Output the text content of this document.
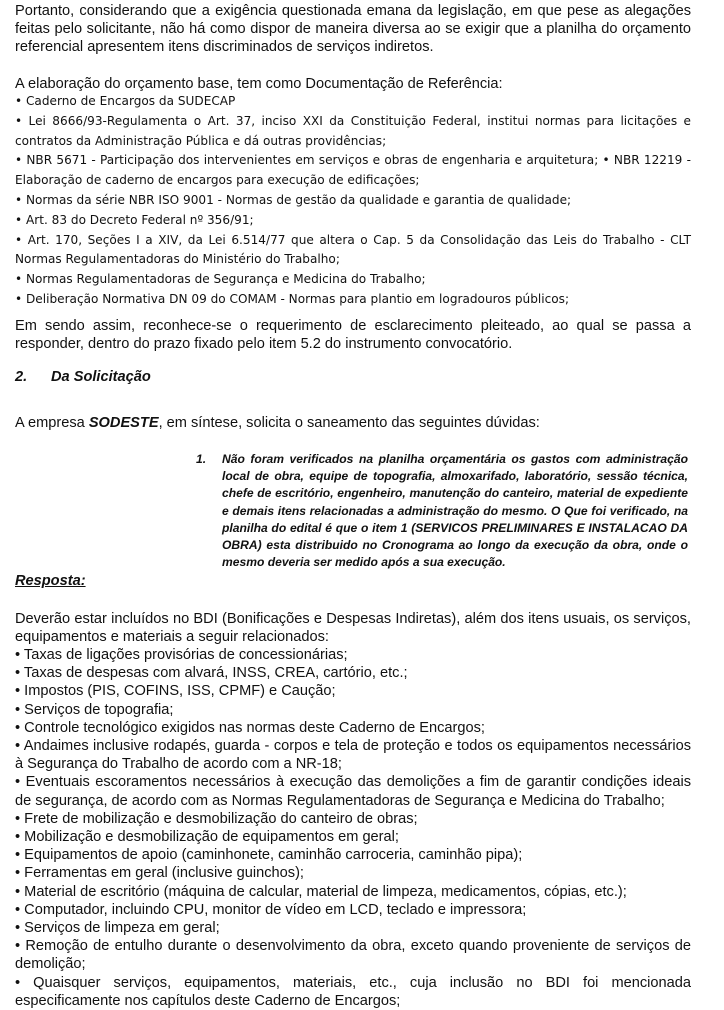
Portanto, considerando que a exigência questionada emana da legislação, em que pese as alegações feitas pelo solicitante, não há como dispor de maneira diversa ao se exigir que a planilha do orçamento referencial apresentem itens discriminados de serviços indiretos.

A elaboração do orçamento base, tem como Documentação de Referência:

• Caderno de Encargos da SUDECAP
• Lei 8666/93-Regulamenta o Art. 37, inciso XXI da Constituição Federal, institui normas para licitações e contratos da Administração Pública e dá outras providências;
• NBR 5671 - Participação dos intervenientes em serviços e obras de engenharia e arquitetura; • NBR 12219 - Elaboração de caderno de encargos para execução de edificações;
• Normas da série NBR ISO 9001 - Normas de gestão da qualidade e garantia de qualidade;
• Art. 83 do Decreto Federal nº 356/91;
• Art. 170, Seções I a XIV, da Lei 6.514/77 que altera o Cap. 5 da Consolidação das Leis do Trabalho - CLT Normas Regulamentadoras do Ministério do Trabalho;
• Normas Regulamentadoras de Segurança e Medicina do Trabalho;
• Deliberação Normativa DN 09 do COMAM - Normas para plantio em logradouros públicos;

Em sendo assim, reconhece-se o requerimento de esclarecimento pleiteado, ao qual se passa a responder, dentro do prazo fixado pelo item 5.2 do instrumento convocatório.

2. Da Solicitação

A empresa SODESTE, em síntese, solicita o saneamento das seguintes dúvidas:

1. Não foram verificados na planilha orçamentária os gastos com administração local de obra, equipe de topografia, almoxarifado, laboratório, sessão técnica, chefe de escritório, engenheiro, manutenção do canteiro, material de expediente e demais itens relacionadas a administração do mesmo. O Que foi verificado, na planilha do edital é que o item 1 (SERVICOS PRELIMINARES E INSTALACAO DA OBRA) esta distribuido no Cronograma ao longo da execução da obra, onde o mesmo deveria ser medido após a sua execução.
Resposta:

Deverão estar incluídos no BDI (Bonificações e Despesas Indiretas), além dos itens usuais, os serviços, equipamentos e materiais a seguir relacionados:

• Taxas de ligações provisórias de concessionárias;
• Taxas de despesas com alvará, INSS, CREA, cartório, etc.;
• Impostos (PIS, COFINS, ISS, CPMF) e Caução;
• Serviços de topografia;
• Controle tecnológico exigidos nas normas deste Caderno de Encargos;
• Andaimes inclusive rodapés, guarda - corpos e tela de proteção e todos os equipamentos necessários à Segurança do Trabalho de acordo com a NR-18;
• Eventuais escoramentos necessários à execução das demolições a fim de garantir condições ideais de segurança, de acordo com as Normas Regulamentadoras de Segurança e Medicina do Trabalho;
• Frete de mobilização e desmobilização do canteiro de obras;
• Mobilização e desmobilização de equipamentos em geral;
• Equipamentos de apoio (caminhonete, caminhão carroceria, caminhão pipa);
• Ferramentas em geral (inclusive guinchos);
• Material de escritório (máquina de calcular, material de limpeza, medicamentos, cópias, etc.);
• Computador, incluindo CPU, monitor de vídeo em LCD, teclado e impressora;
• Serviços de limpeza em geral;
• Remoção de entulho durante o desenvolvimento da obra, exceto quando proveniente de serviços de demolição;
• Quaisquer serviços, equipamentos, materiais, etc., cuja inclusão no BDI foi mencionada especificamente nos capítulos deste Caderno de Encargos;
